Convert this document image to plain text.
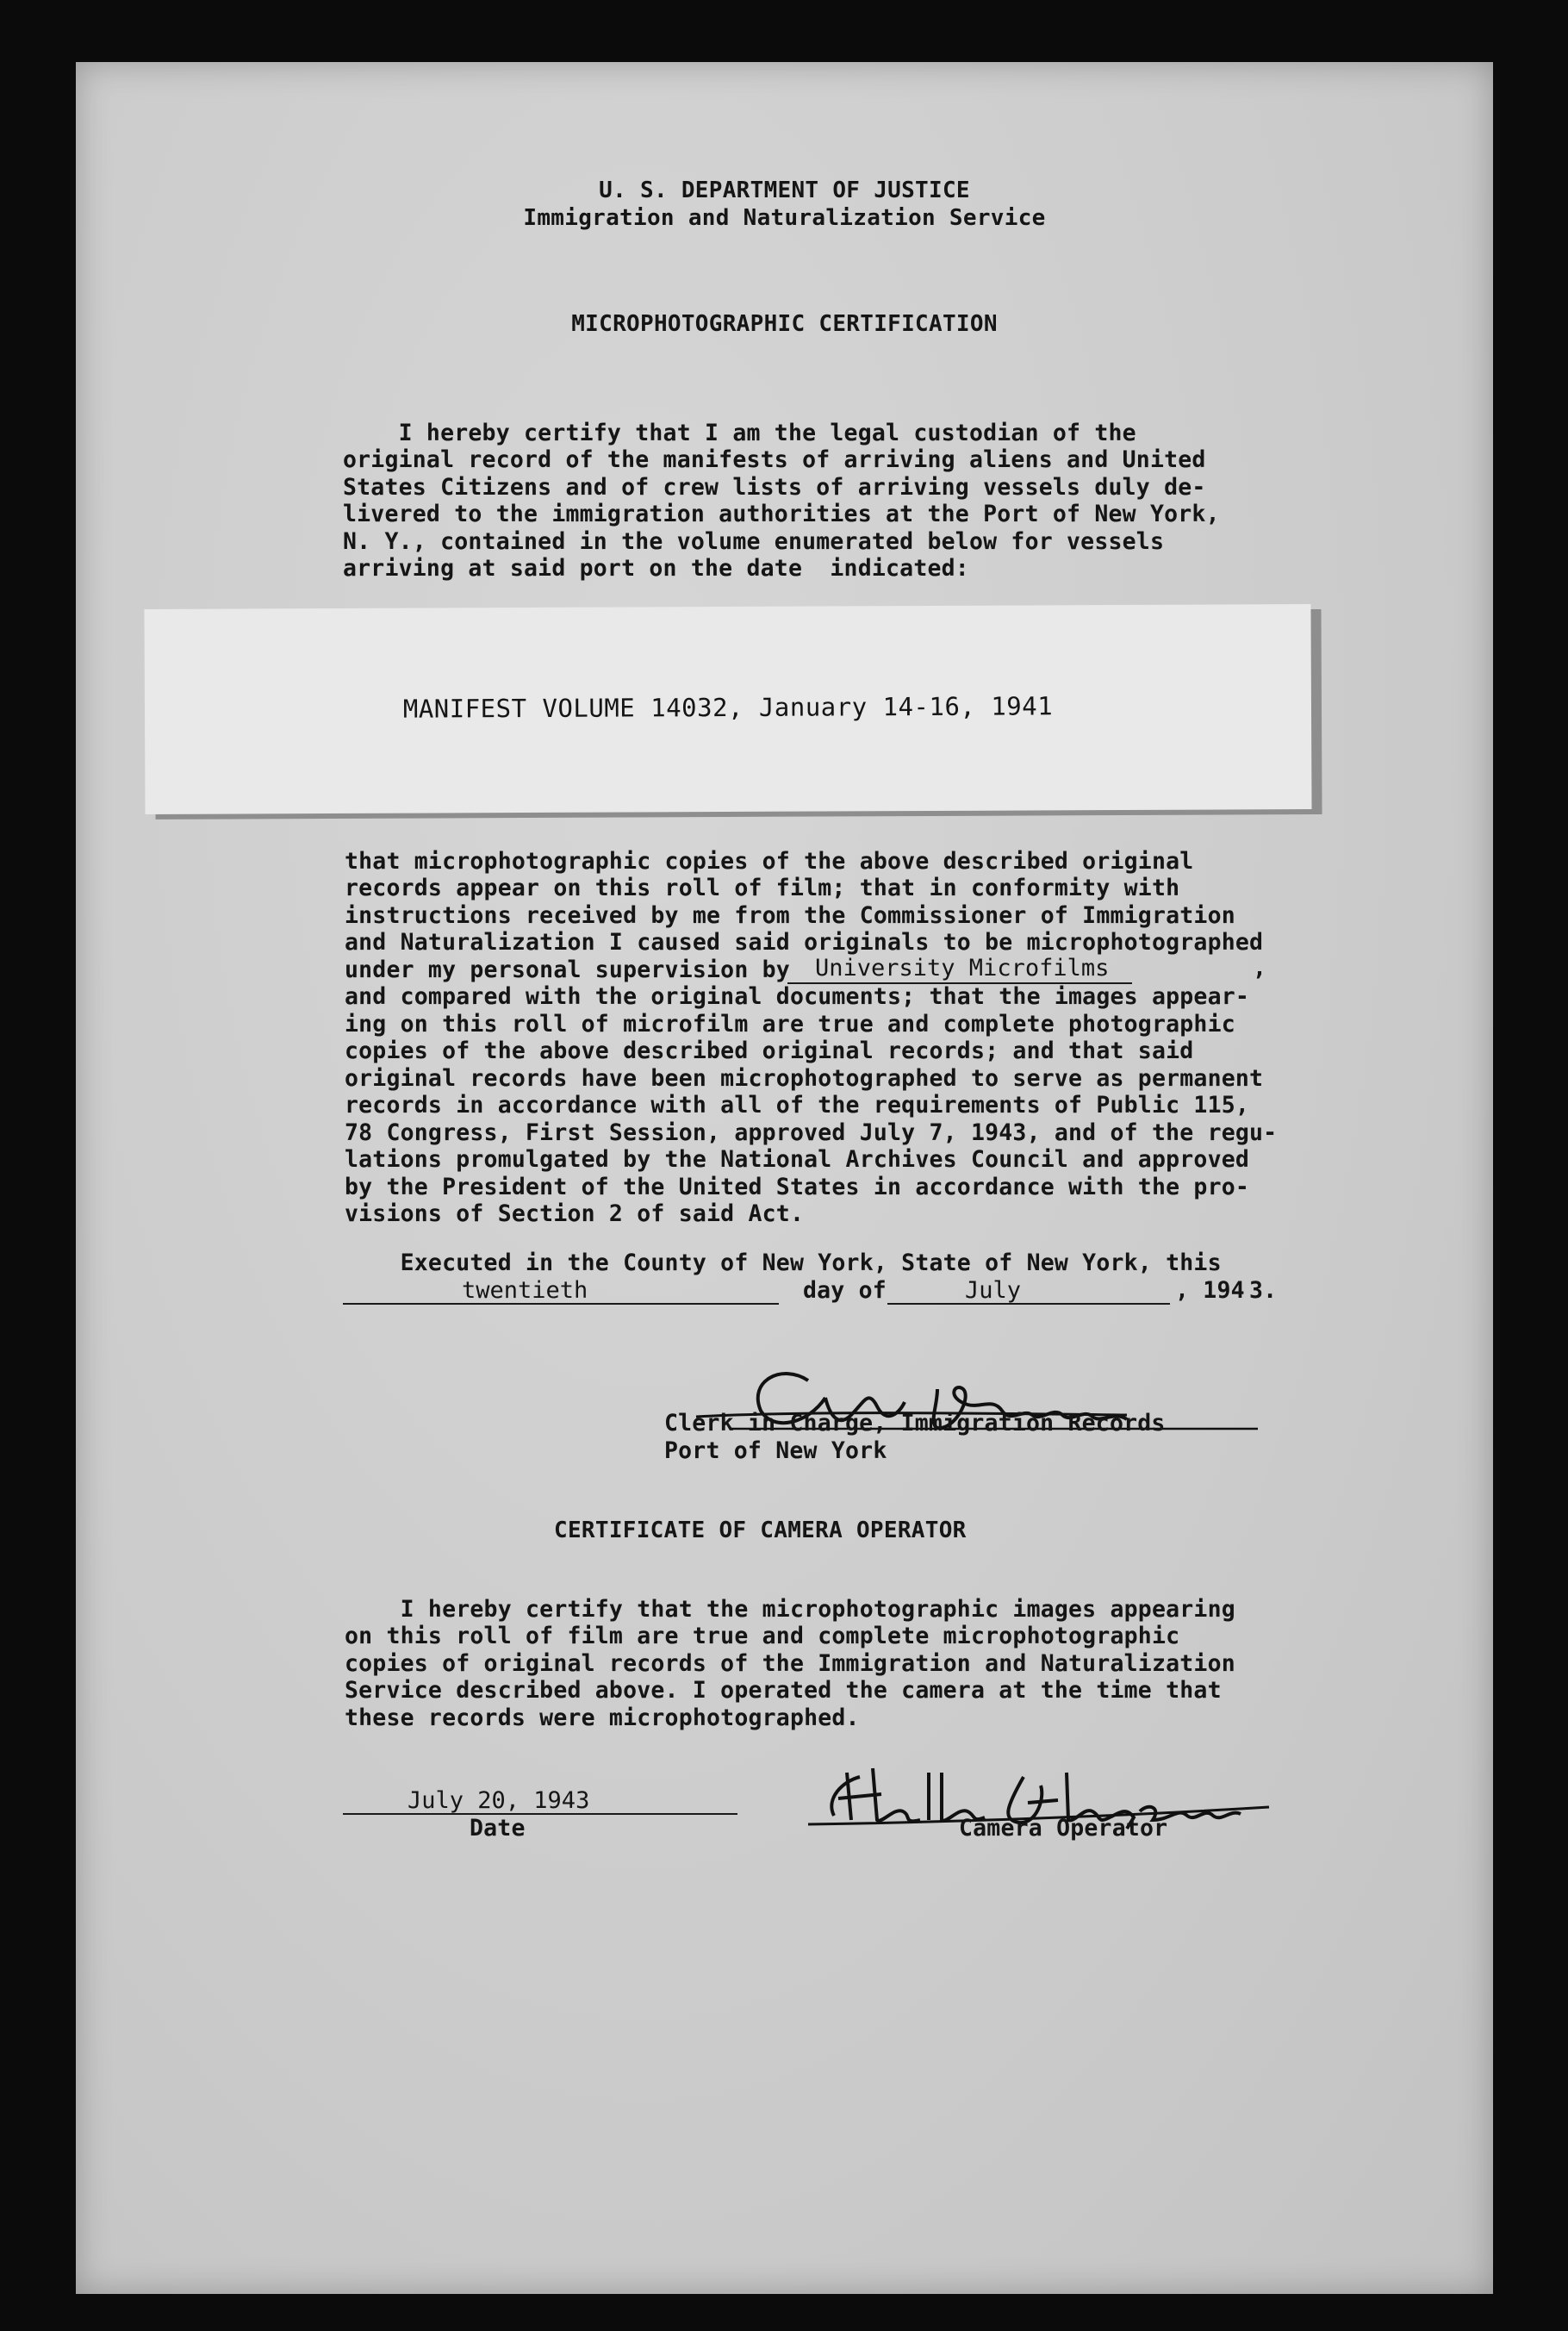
U. S. DEPARTMENT OF JUSTICE
Immigration and Naturalization Service
MICROPHOTOGRAPHIC CERTIFICATION
I hereby certify that I am the legal custodian of the
original record of the manifests of arriving aliens and United
States Citizens and of crew lists of arriving vessels duly de-
livered to the immigration authorities at the Port of New York,
N. Y., contained in the volume enumerated below for vessels
arriving at said port on the date  indicated:
MANIFEST VOLUME 14032, January 14-16, 1941
that microphotographic copies of the above described original
records appear on this roll of film; that in conformity with
instructions received by me from the Commissioner of Immigration
and Naturalization I caused said originals to be microphotographed
under my personal supervision by University Microfilms	,
and compared with the original documents; that the images appear-
ing on this roll of microfilm are true and complete photographic
copies of the above described original records; and that said
original records have been microphotographed to serve as permanent
records in accordance with all of the requirements of Public 115,
78 Congress, First Session, approved July 7, 1943, and of the regu-
lations promulgated by the National Archives Council and approved
by the President of the United States in accordance with the pro-
visions of Section 2 of said Act.
Executed in the County of New York, State of New York, this
twentieth	day of	July	, 194 3.
Clerk in Charge, Immigration Records
Port of New York
CERTIFICATE OF CAMERA OPERATOR
I hereby certify that the microphotographic images appearing
on this roll of film are true and complete microphotographic
copies of original records of the Immigration and Naturalization
Service described above. I operated the camera at the time that
these records were microphotographed.
July 20, 1943
Date	Camera Operator
